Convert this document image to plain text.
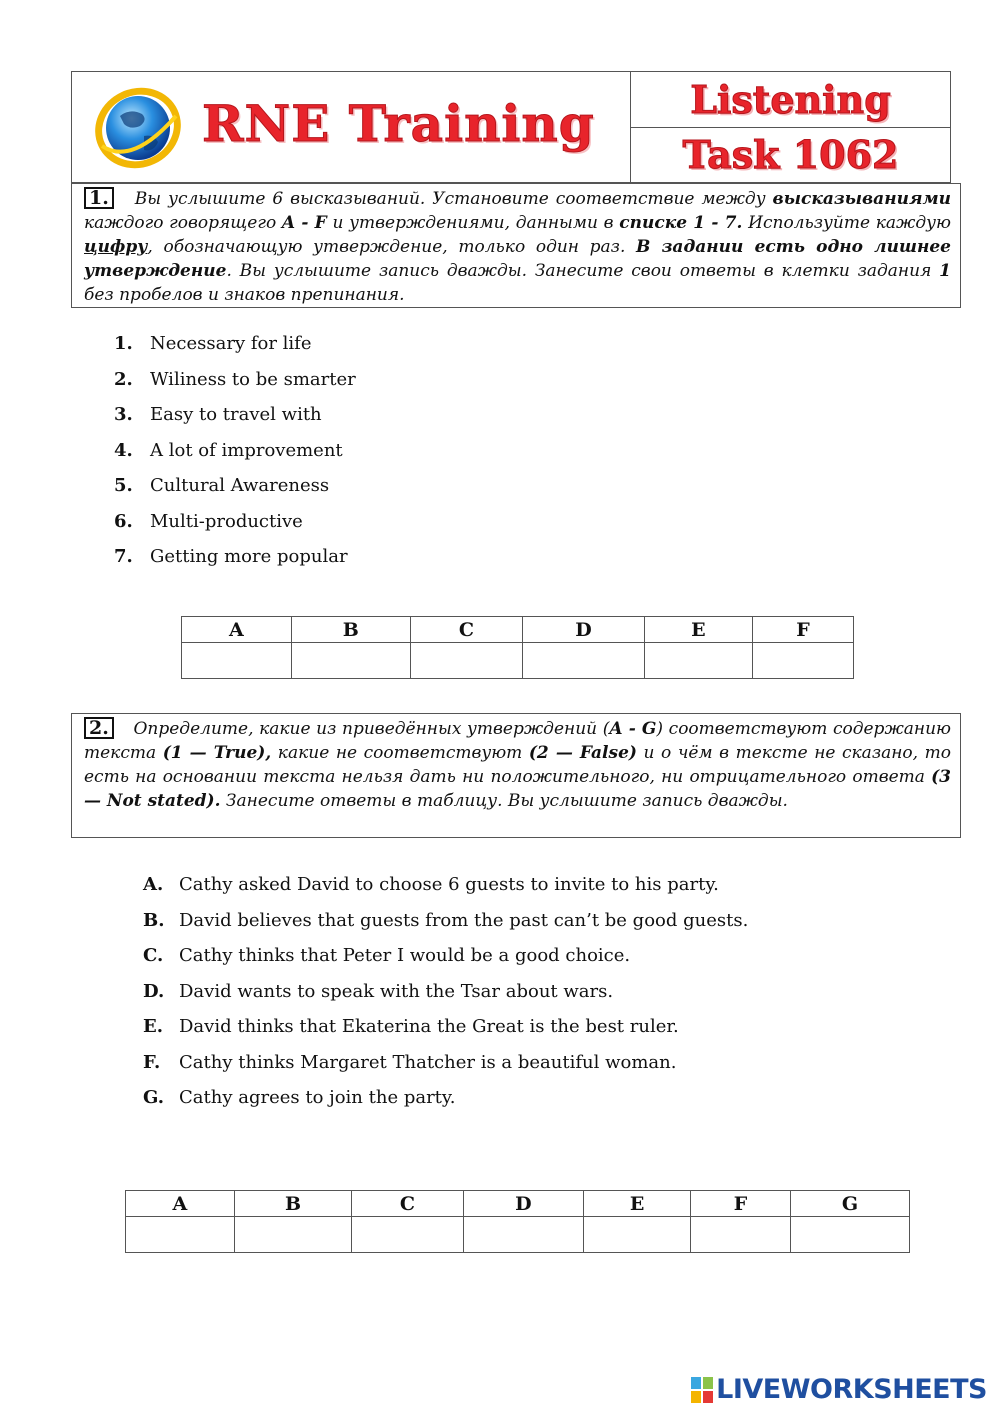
RNE Training	Listening
Task 1062
1. Вы услышите 6 высказываний. Установите соответствие между высказываниями каждого говорящего A - F и утверждениями, данными в списке 1 - 7. Используйте каждую цифру, обозначающую утверждение, только один раз. В задании есть одно лишнее утверждение. Вы услышите запись дважды. Занесите свои ответы в клетки задания 1 без пробелов и знаков препинания.
1. Necessary for life
2. Wiliness to be smarter
3. Easy to travel with
4. A lot of improvement
5. Cultural Awareness
6. Multi-productive
7. Getting more popular
A	B	C	D	E	F

2. Определите, какие из приведённых утверждений (A - G) соответствуют содержанию текста (1 — True), какие не соответствуют (2 — False) и о чём в тексте не сказано, то есть на основании текста нельзя дать ни положительного, ни отрицательного ответа (3 — Not stated). Занесите ответы в таблицу. Вы услышите запись дважды.
A. Cathy asked David to choose 6 guests to invite to his party.
B. David believes that guests from the past can’t be good guests.
C. Cathy thinks that Peter I would be a good choice.
D. David wants to speak with the Tsar about wars.
E. David thinks that Ekaterina the Great is the best ruler.
F.	Cathy thinks Margaret Thatcher is a beautiful woman.
G. Cathy agrees to join the party.
A	B	C	D	E	F	G

LIVEWORKSHEETS
